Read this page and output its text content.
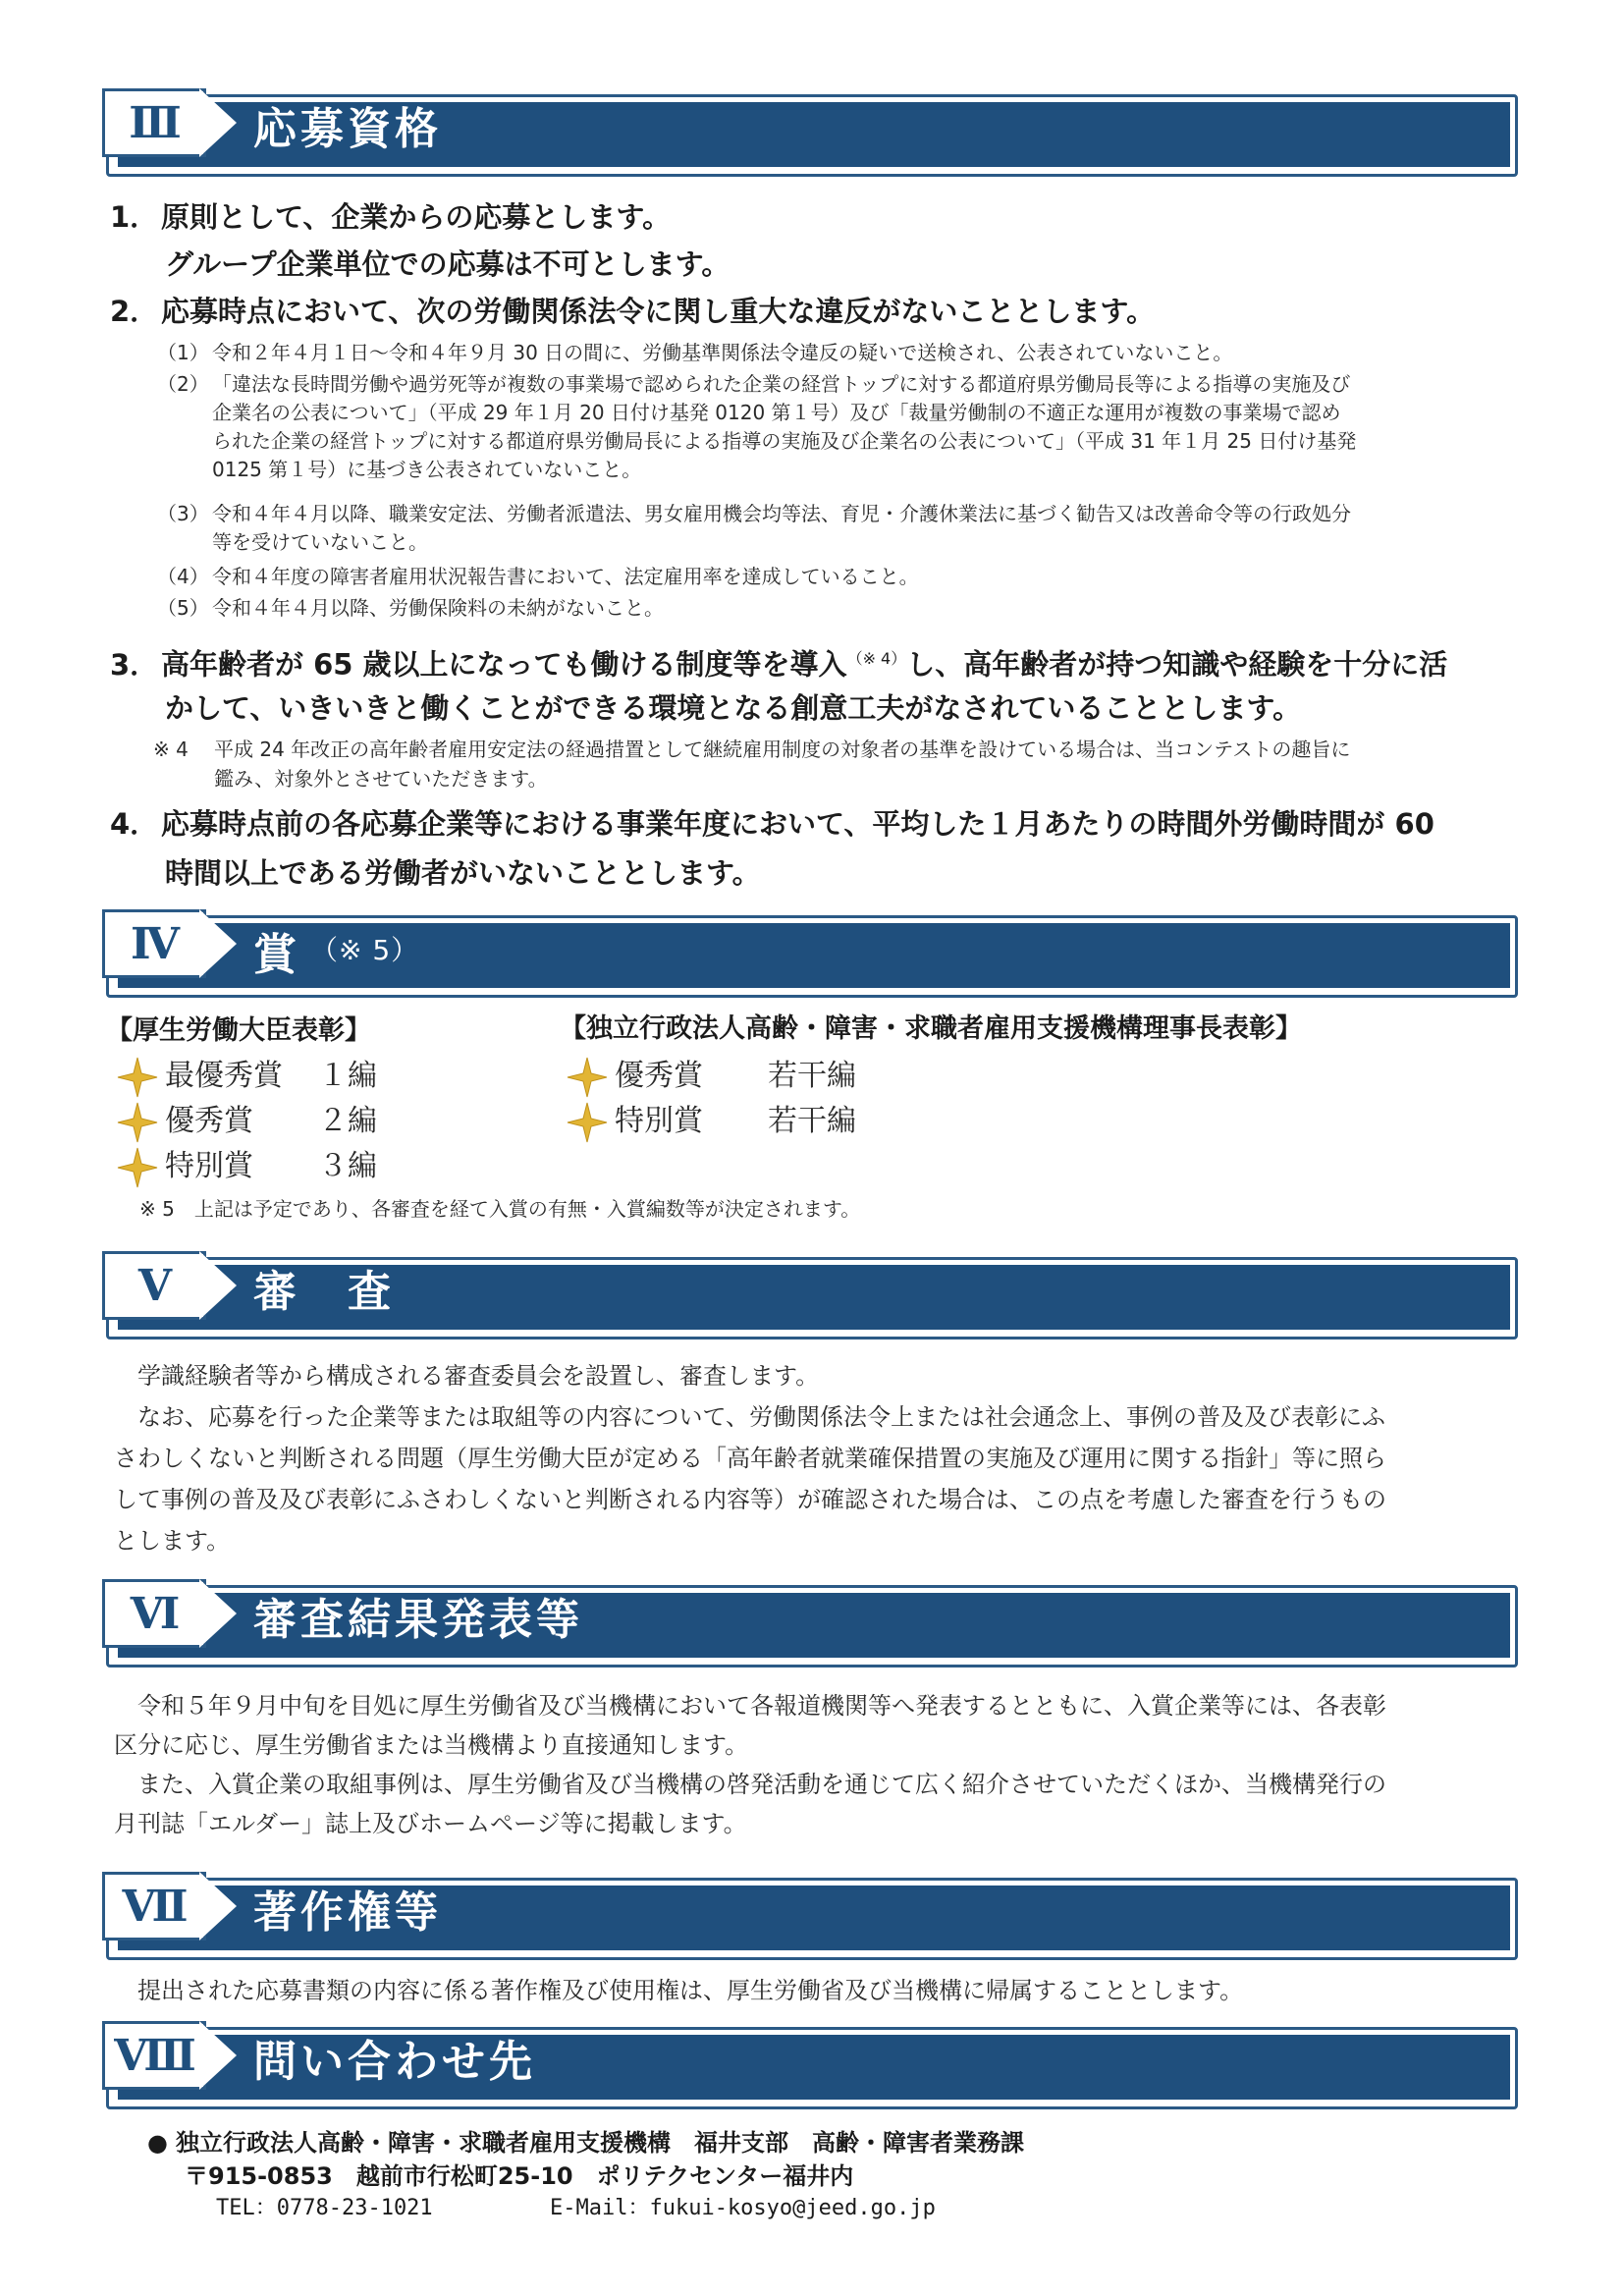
Ⅲ	応募資格
1．原則として、企業からの応募とします。
グループ企業単位での応募は不可とします。
2．応募時点において、次の労働関係法令に関し重大な違反がないこととします。
（1） 令和２年４月１日～令和４年９月 30 日の間に、労働基準関係法令違反の疑いで送検され、公表されていないこと。
（2） 「違法な長時間労働や過労死等が複数の事業場で認められた企業の経営トップに対する都道府県労働局長等による指導の実施及び
企業名の公表について」（平成 29 年１月 20 日付け基発 0120 第１号）及び「裁量労働制の不適正な運用が複数の事業場で認め
られた企業の経営トップに対する都道府県労働局長による指導の実施及び企業名の公表について」（平成 31 年１月 25 日付け基発
0125 第１号）に基づき公表されていないこと。
（3） 令和４年４月以降、職業安定法、労働者派遣法、男女雇用機会均等法、育児・介護休業法に基づく勧告又は改善命令等の行政処分
等を受けていないこと。
（4） 令和４年度の障害者雇用状況報告書において、法定雇用率を達成していること。
（5） 令和４年４月以降、労働保険料の未納がないこと。
3．高年齢者が 65 歳以上になっても働ける制度等を導入$^{(※ 4)}$し、高年齢者が持つ知識や経験を十分に活
かして、いきいきと働くことができる環境となる創意工夫がなされていることとします。
※ 4 平成 24 年改正の高年齢者雇用安定法の経過措置として継続雇用制度の対象者の基準を設けている場合は、当コンテストの趣旨に
鑑み、対象外とさせていただきます。
4．応募時点前の各応募企業等における事業年度において、平均した１月あたりの時間外労働時間が 60
時間以上である労働者がいないこととします。
Ⅳ	賞 $^{(※ 5)}$
【厚生労働大臣表彰】	【独立行政法人高齢・障害・求職者雇用支援機構理事長表彰】
最優秀賞 １編
優秀賞 ２編
特別賞 ３編
優秀賞 若干編
特別賞 若干編
※ 5　上記は予定であり、各審査を経て入賞の有無・入賞編数等が決定されます。
Ⅴ	審　査
学識経験者等から構成される審査委員会を設置し、審査します。
なお、応募を行った企業等または取組等の内容について、労働関係法令上または社会通念上、事例の普及及び表彰にふ
さわしくないと判断される問題（厚生労働大臣が定める「高年齢者就業確保措置の実施及び運用に関する指針」等に照ら
して事例の普及及び表彰にふさわしくないと判断される内容等）が確認された場合は、この点を考慮した審査を行うもの
とします。
Ⅵ	審査結果発表等
令和５年９月中旬を目処に厚生労働省及び当機構において各報道機関等へ発表するとともに、入賞企業等には、各表彰
区分に応じ、厚生労働省または当機構より直接通知します。
また、入賞企業の取組事例は、厚生労働省及び当機構の啓発活動を通じて広く紹介させていただくほか、当機構発行の
月刊誌「エルダー」誌上及びホームページ等に掲載します。
Ⅶ	著作権等
提出された応募書類の内容に係る著作権及び使用権は、厚生労働省及び当機構に帰属することとします。
Ⅷ 問い合わせ先
● 独立行政法人高齢・障害・求職者雇用支援機構　福井支部　高齢・障害者業務課
〒915-0853　越前市行松町25-10　ポリテクセンター福井内
TEL：0778-23-1021	E-Mail：fukui-kosyo@jeed.go.jp
